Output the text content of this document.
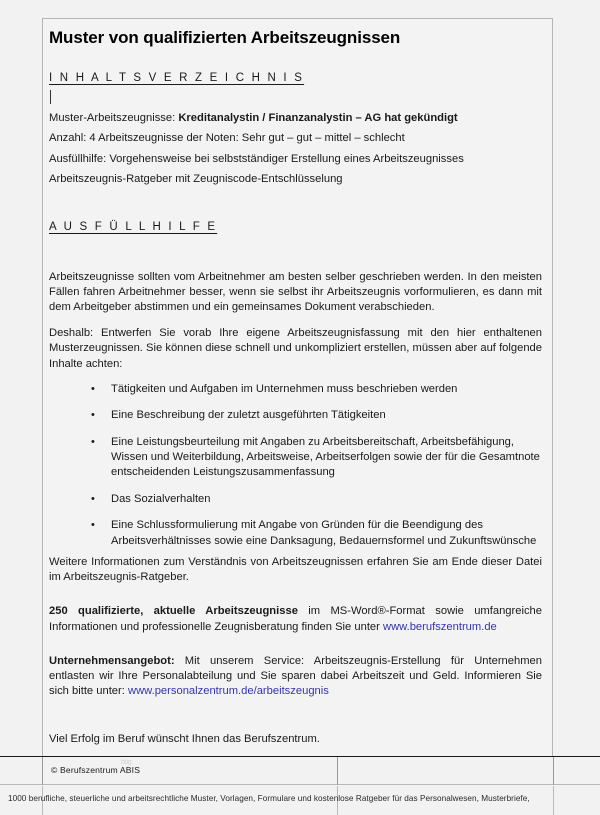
Muster von qualifizierten Arbeitszeugnissen
I N H A L T S V E R Z E I C H N I S

Muster-Arbeitszeugnisse: Kreditanalystin / Finanzanalystin – AG hat gekündigt

Anzahl: 4 Arbeitszeugnisse der Noten: Sehr gut – gut – mittel – schlecht

Ausfüllhilfe: Vorgehensweise bei selbstständiger Erstellung eines Arbeitszeugnisses

Arbeitszeugnis-Ratgeber mit Zeugniscode-Entschlüsselung

A U S F Ü L L H I L F E

Arbeitszeugnisse sollten vom Arbeitnehmer am besten selber geschrieben werden. In den meisten Fällen fahren Arbeitnehmer besser, wenn sie selbst ihr Arbeitszeugnis vorformulieren, es dann mit dem Arbeitgeber abstimmen und ein gemeinsames Dokument verabschieden.

Deshalb: Entwerfen Sie vorab Ihre eigene Arbeitszeugnisfassung mit den hier enthaltenen Musterzeugnissen. Sie können diese schnell und unkompliziert erstellen, müssen aber auf folgende Inhalte achten:

• Tätigkeiten und Aufgaben im Unternehmen muss beschrieben werden
• Eine Beschreibung der zuletzt ausgeführten Tätigkeiten
• Eine Leistungsbeurteilung mit Angaben zu Arbeitsbereitschaft, Arbeitsbefähigung, Wissen und Weiterbildung, Arbeitsweise, Arbeitserfolgen sowie der für die Gesamtnote entscheidenden Leistungszusammenfassung
• Das Sozialverhalten
• Eine Schlussformulierung mit Angabe von Gründen für die Beendigung des Arbeitsverhältnisses sowie eine Danksagung, Bedauernsformel und Zukunftswünsche

Weitere Informationen zum Verständnis von Arbeitszeugnissen erfahren Sie am Ende dieser Datei im Arbeitszeugnis-Ratgeber.

250 qualifizierte, aktuelle Arbeitszeugnisse im MS-Word®-Format sowie umfangreiche Informationen und professionelle Zeugnisberatung finden Sie unter www.berufszentrum.de

Unternehmensangebot: Mit unserem Service: Arbeitszeugnis-Erstellung für Unternehmen entlasten wir Ihre Personalabteilung und Sie sparen dabei Arbeitszeit und Geld. Informieren Sie sich bitte unter: www.personalzentrum.de/arbeitszeugnis

Viel Erfolg im Beruf wünscht Ihnen das Berufszentrum.

bbg
© Berufszentrum ABIS
1000 berufliche, steuerliche und arbeitsrechtliche Muster, Vorlagen, Formulare und kostenlose Ratgeber für das Personalwesen, Musterbriefe,
